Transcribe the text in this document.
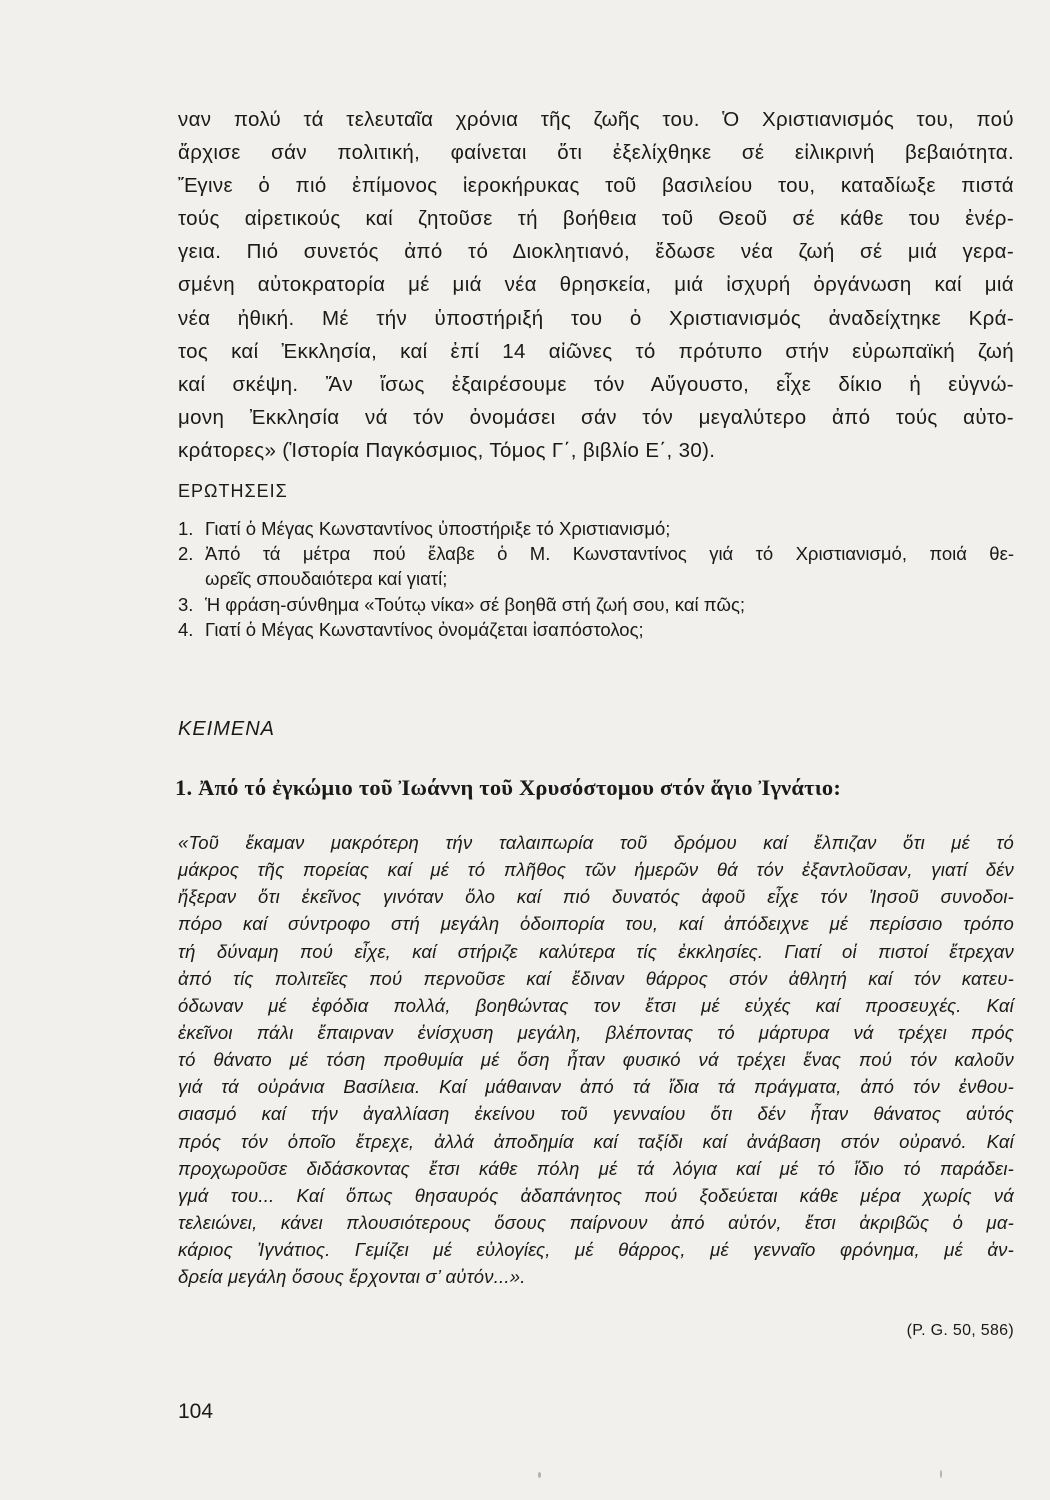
ναν πολύ τά τελευταῖα χρόνια τῆς ζωῆς του. Ὁ Χριστιανισμός του, πού
ἄρχισε σάν πολιτική, φαίνεται ὅτι ἐξελίχθηκε σέ εἰλικρινή βεβαιότητα.
Ἔγινε ὁ πιό ἐπίμονος ἱεροκήρυκας τοῦ βασιλείου του, καταδίωξε πιστά
τούς αἱρετικούς καί ζητοῦσε τή βοήθεια τοῦ Θεοῦ σέ κάθε του ἐνέρ-
γεια. Πιό συνετός ἀπό τό Διοκλητιανό, ἔδωσε νέα ζωή σέ μιά γερα-
σμένη αὐτοκρατορία μέ μιά νέα θρησκεία, μιά ἰσχυρή ὀργάνωση καί μιά
νέα ἠθική. Μέ τήν ὑποστήριξή του ὁ Χριστιανισμός ἀναδείχτηκε Κρά-
τος καί Ἐκκλησία, καί ἐπί 14 αἰῶνες τό πρότυπο στήν εὐρωπαϊκή ζωή
καί σκέψη. Ἄν ἴσως ἐξαιρέσουμε τόν Αὔγουστο, εἶχε δίκιο ἡ εὐγνώ-
μονη Ἐκκλησία νά τόν ὀνομάσει σάν τόν μεγαλύτερο ἀπό τούς αὐτο-
κράτορες» (Ἱστορία Παγκόσμιος, Τόμος Γ΄, βιβλίο Ε΄, 30).
ΕΡΩΤΗΣΕΙΣ
1. Γιατί ὁ Μέγας Κωνσταντίνος ὑποστήριξε τό Χριστιανισμό;
2. Ἀπό τά μέτρα πού ἔλαβε ὁ Μ. Κωνσταντίνος γιά τό Χριστιανισμό, ποιά θε-
ωρεῖς σπουδαιότερα καί γιατί;
3. Ἡ φράση-σύνθημα «Τούτῳ νίκα» σέ βοηθᾶ στή ζωή σου, καί πῶς;
4. Γιατί ὁ Μέγας Κωνσταντίνος ὀνομάζεται ἰσαπόστολος;
ΚΕΙΜΕΝΑ
1. Ἀπό τό ἐγκώμιο τοῦ Ἰωάννη τοῦ Χρυσόστομου στόν ἅγιο Ἰγνάτιο:
«Τοῦ ἔκαμαν μακρότερη τήν ταλαιπωρία τοῦ δρόμου καί ἔλπιζαν ὅτι μέ τό
μάκρος τῆς πορείας καί μέ τό πλῆθος τῶν ἡμερῶν θά τόν ἐξαντλοῦσαν, γιατί δέν
ἤξεραν ὅτι ἐκεῖνος γινόταν ὅλο καί πιό δυνατός ἀφοῦ εἶχε τόν Ἰησοῦ συνοδοι-
πόρο καί σύντροφο στή μεγάλη ὁδοιπορία του, καί ἀπόδειχνε μέ περίσσιο τρόπο
τή δύναμη πού εἶχε, καί στήριζε καλύτερα τίς ἐκκλησίες. Γιατί οἱ πιστοί ἔτρεχαν
ἀπό τίς πολιτεῖες πού περνοῦσε καί ἔδιναν θάρρος στόν ἀθλητή καί τόν κατευ-
όδωναν μέ ἐφόδια πολλά, βοηθώντας τον ἔτσι μέ εὐχές καί προσευχές. Καί
ἐκεῖνοι πάλι ἔπαιρναν ἐνίσχυση μεγάλη, βλέποντας τό μάρτυρα νά τρέχει πρός
τό θάνατο μέ τόση προθυμία μέ ὅση ἦταν φυσικό νά τρέχει ἕνας πού τόν καλοῦν
γιά τά οὐράνια Βασίλεια. Καί μάθαιναν ἀπό τά ἴδια τά πράγματα, ἀπό τόν ἐνθου-
σιασμό καί τήν ἀγαλλίαση ἐκείνου τοῦ γενναίου ὅτι δέν ἦταν θάνατος αὐτός
πρός τόν ὁποῖο ἔτρεχε, ἀλλά ἀποδημία καί ταξίδι καί ἀνάβαση στόν οὐρανό. Καί
προχωροῦσε διδάσκοντας ἔτσι κάθε πόλη μέ τά λόγια καί μέ τό ἴδιο τό παράδει-
γμά του... Καί ὅπως θησαυρός ἀδαπάνητος πού ξοδεύεται κάθε μέρα χωρίς νά
τελειώνει, κάνει πλουσιότερους ὅσους παίρνουν ἀπό αὐτόν, ἔτσι ἀκριβῶς ὁ μα-
κάριος Ἰγνάτιος. Γεμίζει μέ εὐλογίες, μέ θάρρος, μέ γενναῖο φρόνημα, μέ ἀν-
δρεία μεγάλη ὅσους ἔρχονται σ’ αὐτόν...».
(P. G. 50, 586)
104
